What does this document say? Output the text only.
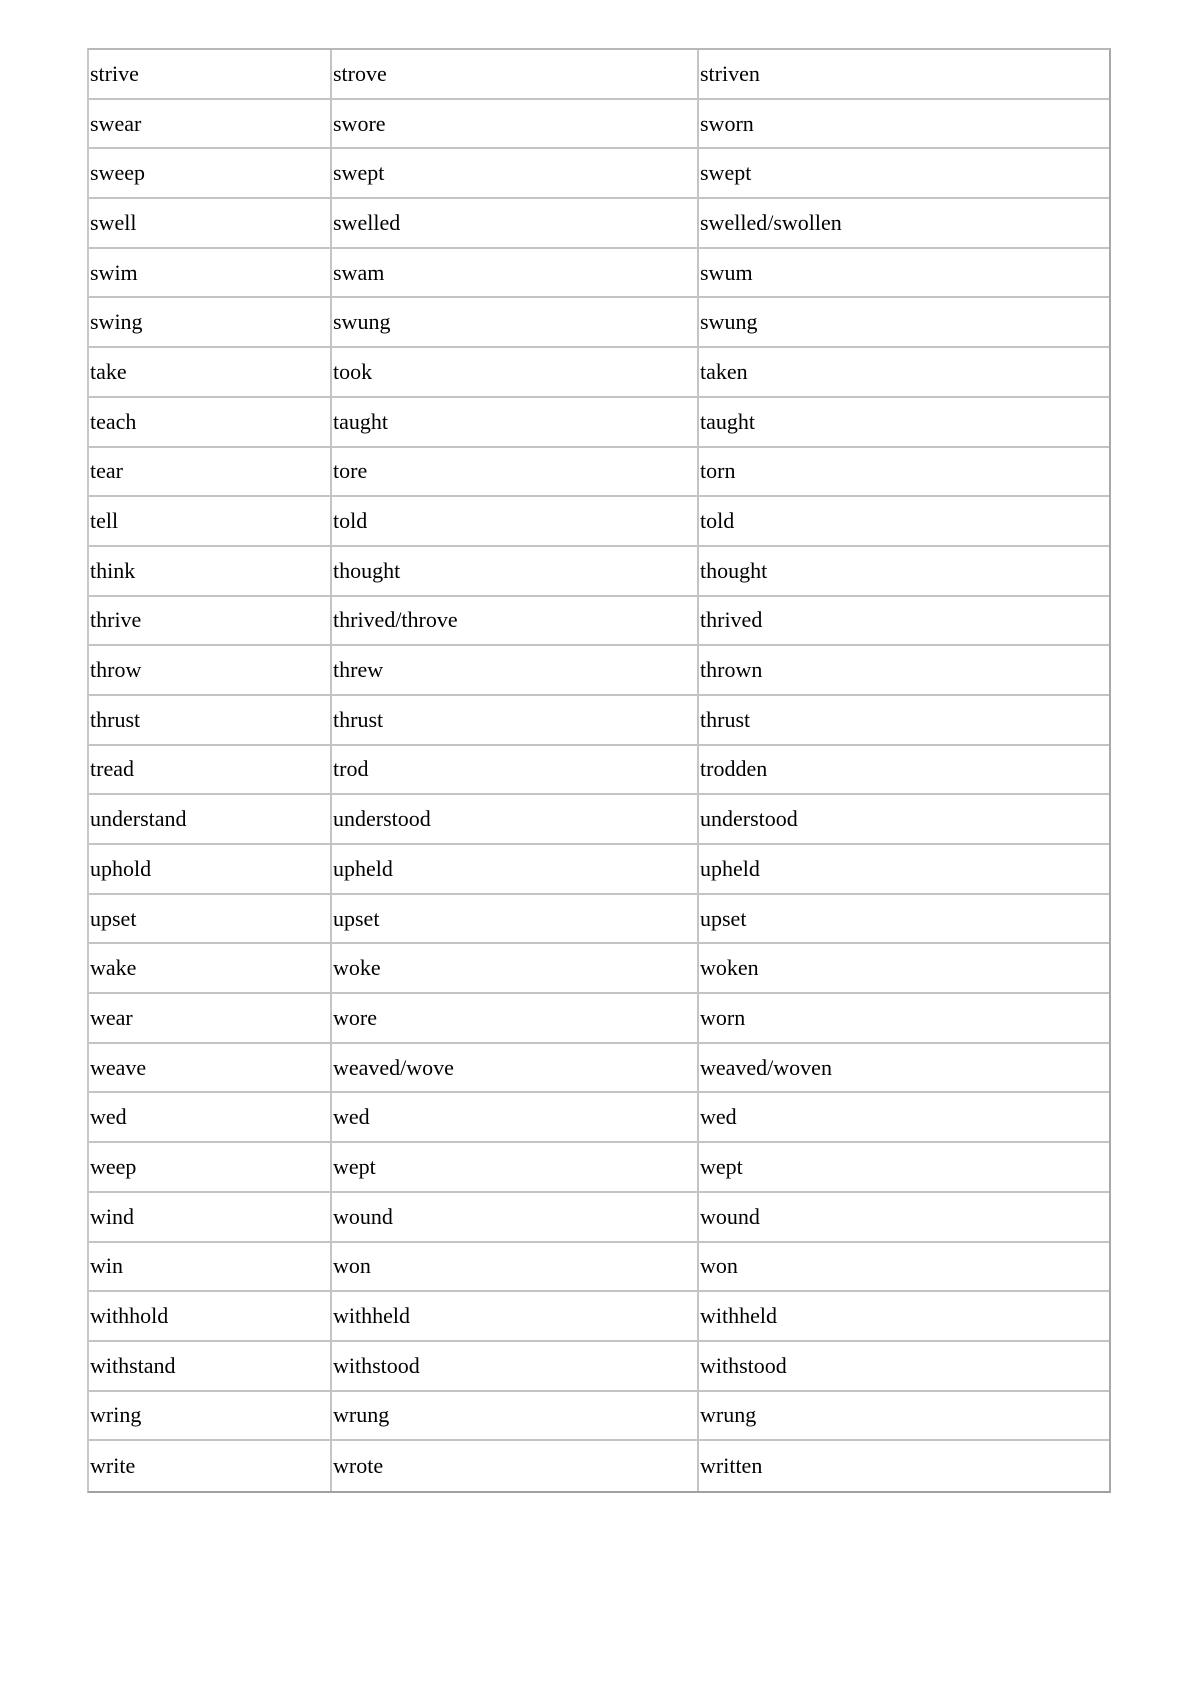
strive	strove	striven
swear	swore	sworn
sweep	swept	swept
swell	swelled	swelled/swollen
swim	swam	swum
swing	swung	swung
take	took	taken
teach	taught	taught
tear	tore	torn
tell	told	told
think	thought	thought
thrive	thrived/throve	thrived
throw	threw	thrown
thrust	thrust	thrust
tread	trod	trodden
understand	understood	understood
uphold	upheld	upheld
upset	upset	upset
wake	woke	woken
wear	wore	worn
weave	weaved/wove	weaved/woven
wed	wed	wed
weep	wept	wept
wind	wound	wound
win	won	won
withhold	withheld	withheld
withstand	withstood	withstood
wring	wrung	wrung
write	wrote	written
